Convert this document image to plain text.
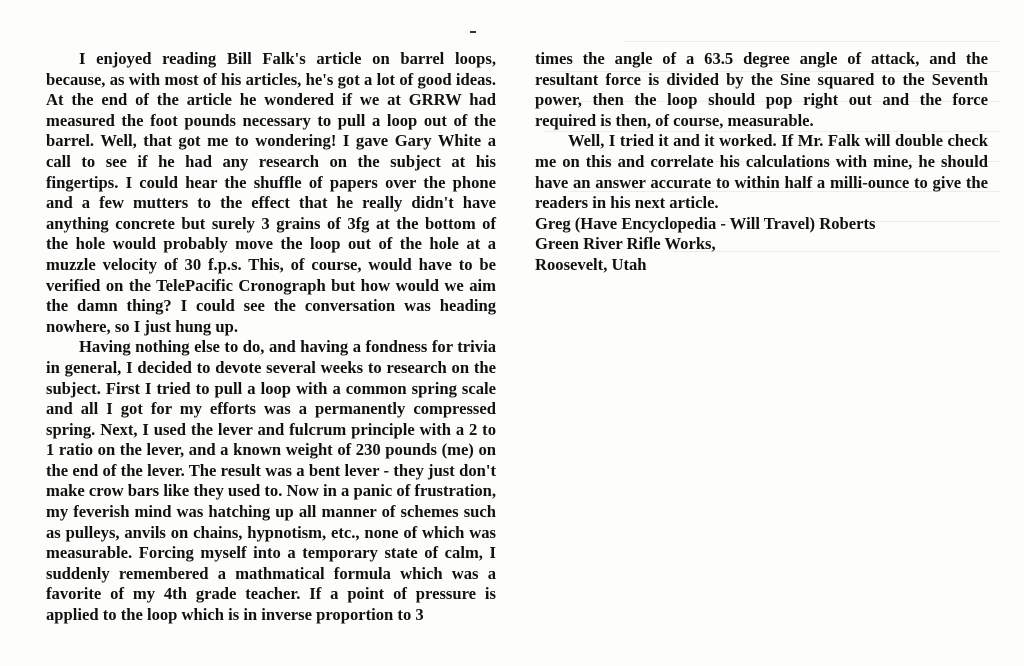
I enjoyed reading Bill Falk's article on barrel loops, because, as with most of his articles, he's got a lot of good ideas. At the end of the article he wondered if we at GRRW had measured the foot pounds necessary to pull a loop out of the barrel. Well, that got me to wondering! I gave Gary White a call to see if he had any research on the subject at his fingertips. I could hear the shuffle of papers over the phone and a few mutters to the effect that he really didn't have anything concrete but surely 3 grains of 3fg at the bottom of the hole would probably move the loop out of the hole at a muzzle velocity of 30 f.p.s. This, of course, would have to be verified on the TelePacific Cronograph but how would we aim the damn thing? I could see the conversation was heading nowhere, so I just hung up.

Having nothing else to do, and having a fondness for trivia in general, I decided to devote several weeks to research on the subject. First I tried to pull a loop with a common spring scale and all I got for my efforts was a permanently compressed spring. Next, I used the lever and fulcrum principle with a 2 to 1 ratio on the lever, and a known weight of 230 pounds (me) on the end of the lever. The result was a bent lever - they just don't make crow bars like they used to. Now in a panic of frustration, my feverish mind was hatching up all manner of schemes such as pulleys, anvils on chains, hypnotism, etc., none of which was measurable. Forcing myself into a temporary state of calm, I suddenly remembered a mathmatical formula which was a favorite of my 4th grade teacher. If a point of pressure is applied to the loop which is in inverse proportion to 3

times the angle of a 63.5 degree angle of attack, and the resultant force is divided by the Sine squared to the Seventh power, then the loop should pop right out and the force required is then, of course, measurable.

Well, I tried it and it worked. If Mr. Falk will double check me on this and correlate his calculations with mine, he should have an answer accurate to within half a milli-ounce to give the readers in his next article.

Greg (Have Encyclopedia - Will Travel) Roberts
Green River Rifle Works,
Roosevelt, Utah
